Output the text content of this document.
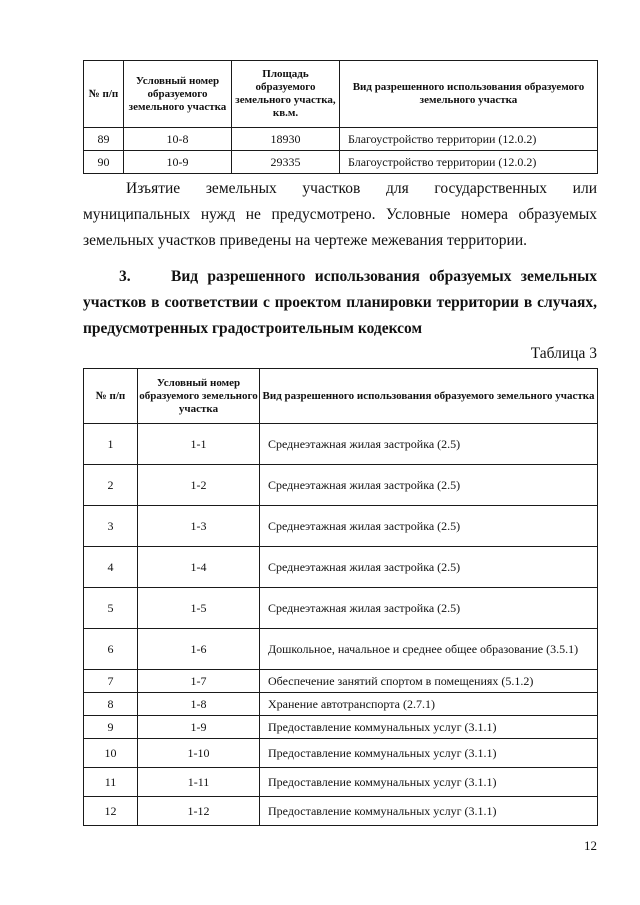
№ п/п	Условный номер образуемого земельного участка	Площадь образуемого земельного участка, кв.м.	Вид разрешенного использования образуемого земельного участка
89	10-8	18930	Благоустройство территории (12.0.2)
90	10-9	29335	Благоустройство территории (12.0.2)

Изъятие земельных участков для государственных или муниципальных нужд не предусмотрено. Условные номера образуемых земельных участков приведены на чертеже межевания территории.

3.	Вид разрешенного использования образуемых земельных участков в соответствии с проектом планировки территории в случаях, предусмотренных градостроительным кодексом

Таблица 3
№ п/п	Условный номер образуемого земельного участка	Вид разрешенного использования образуемого земельного участка
1	1-1	Среднеэтажная жилая застройка (2.5)
2	1-2	Среднеэтажная жилая застройка (2.5)
3	1-3	Среднеэтажная жилая застройка (2.5)
4	1-4	Среднеэтажная жилая застройка (2.5)
5	1-5	Среднеэтажная жилая застройка (2.5)
6	1-6	Дошкольное, начальное и среднее общее образование (3.5.1)
7	1-7	Обеспечение занятий спортом в помещениях (5.1.2)
8	1-8	Хранение автотранспорта (2.7.1)
9	1-9	Предоставление коммунальных услуг (3.1.1)
10	1-10	Предоставление коммунальных услуг (3.1.1)
11	1-11	Предоставление коммунальных услуг (3.1.1)
12	1-12	Предоставление коммунальных услуг (3.1.1)
12
